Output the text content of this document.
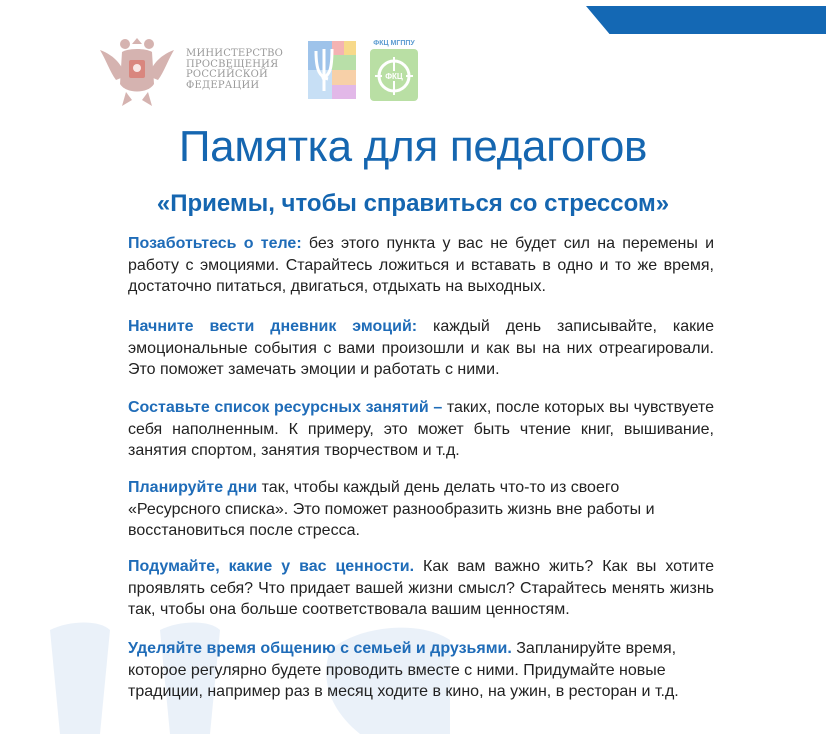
МИНИСТЕРСТВО
ПРОСВЕЩЕНИЯ
РОССИЙСКОЙ
ФЕДЕРАЦИИ
ФКЦ МГППУ
ФКЦ
Памятка для педагогов
«Приемы, чтобы справиться со стрессом»

Позаботьтесь о теле: без этого пункта у вас не будет сил на перемены и работу с эмоциями. Старайтесь ложиться и вставать в одно и то же время, достаточно питаться, двигаться, отдыхать на выходных.

Начните вести дневник эмоций: каждый день записывайте, какие эмоциональные события с вами произошли и как вы на них отреагировали. Это поможет замечать эмоции и работать с ними.

Составьте список ресурсных занятий – таких, после которых вы чувствуете себя наполненным. К примеру, это может быть чтение книг, вышивание, занятия спортом, занятия творчеством и т.д.

Планируйте дни так, чтобы каждый день делать что-то из своего «Ресурсного списка». Это поможет разнообразить жизнь вне работы и восстановиться после стресса.

Подумайте, какие у вас ценности. Как вам важно жить? Как вы хотите проявлять себя? Что придает вашей жизни смысл? Старайтесь менять жизнь так, чтобы она больше соответствовала вашим ценностям.

Уделяйте время общению с семьей и друзьями. Запланируйте время, которое регулярно будете проводить вместе с ними. Придумайте новые традиции, например раз в месяц ходите в кино, на ужин, в ресторан и т.д.
